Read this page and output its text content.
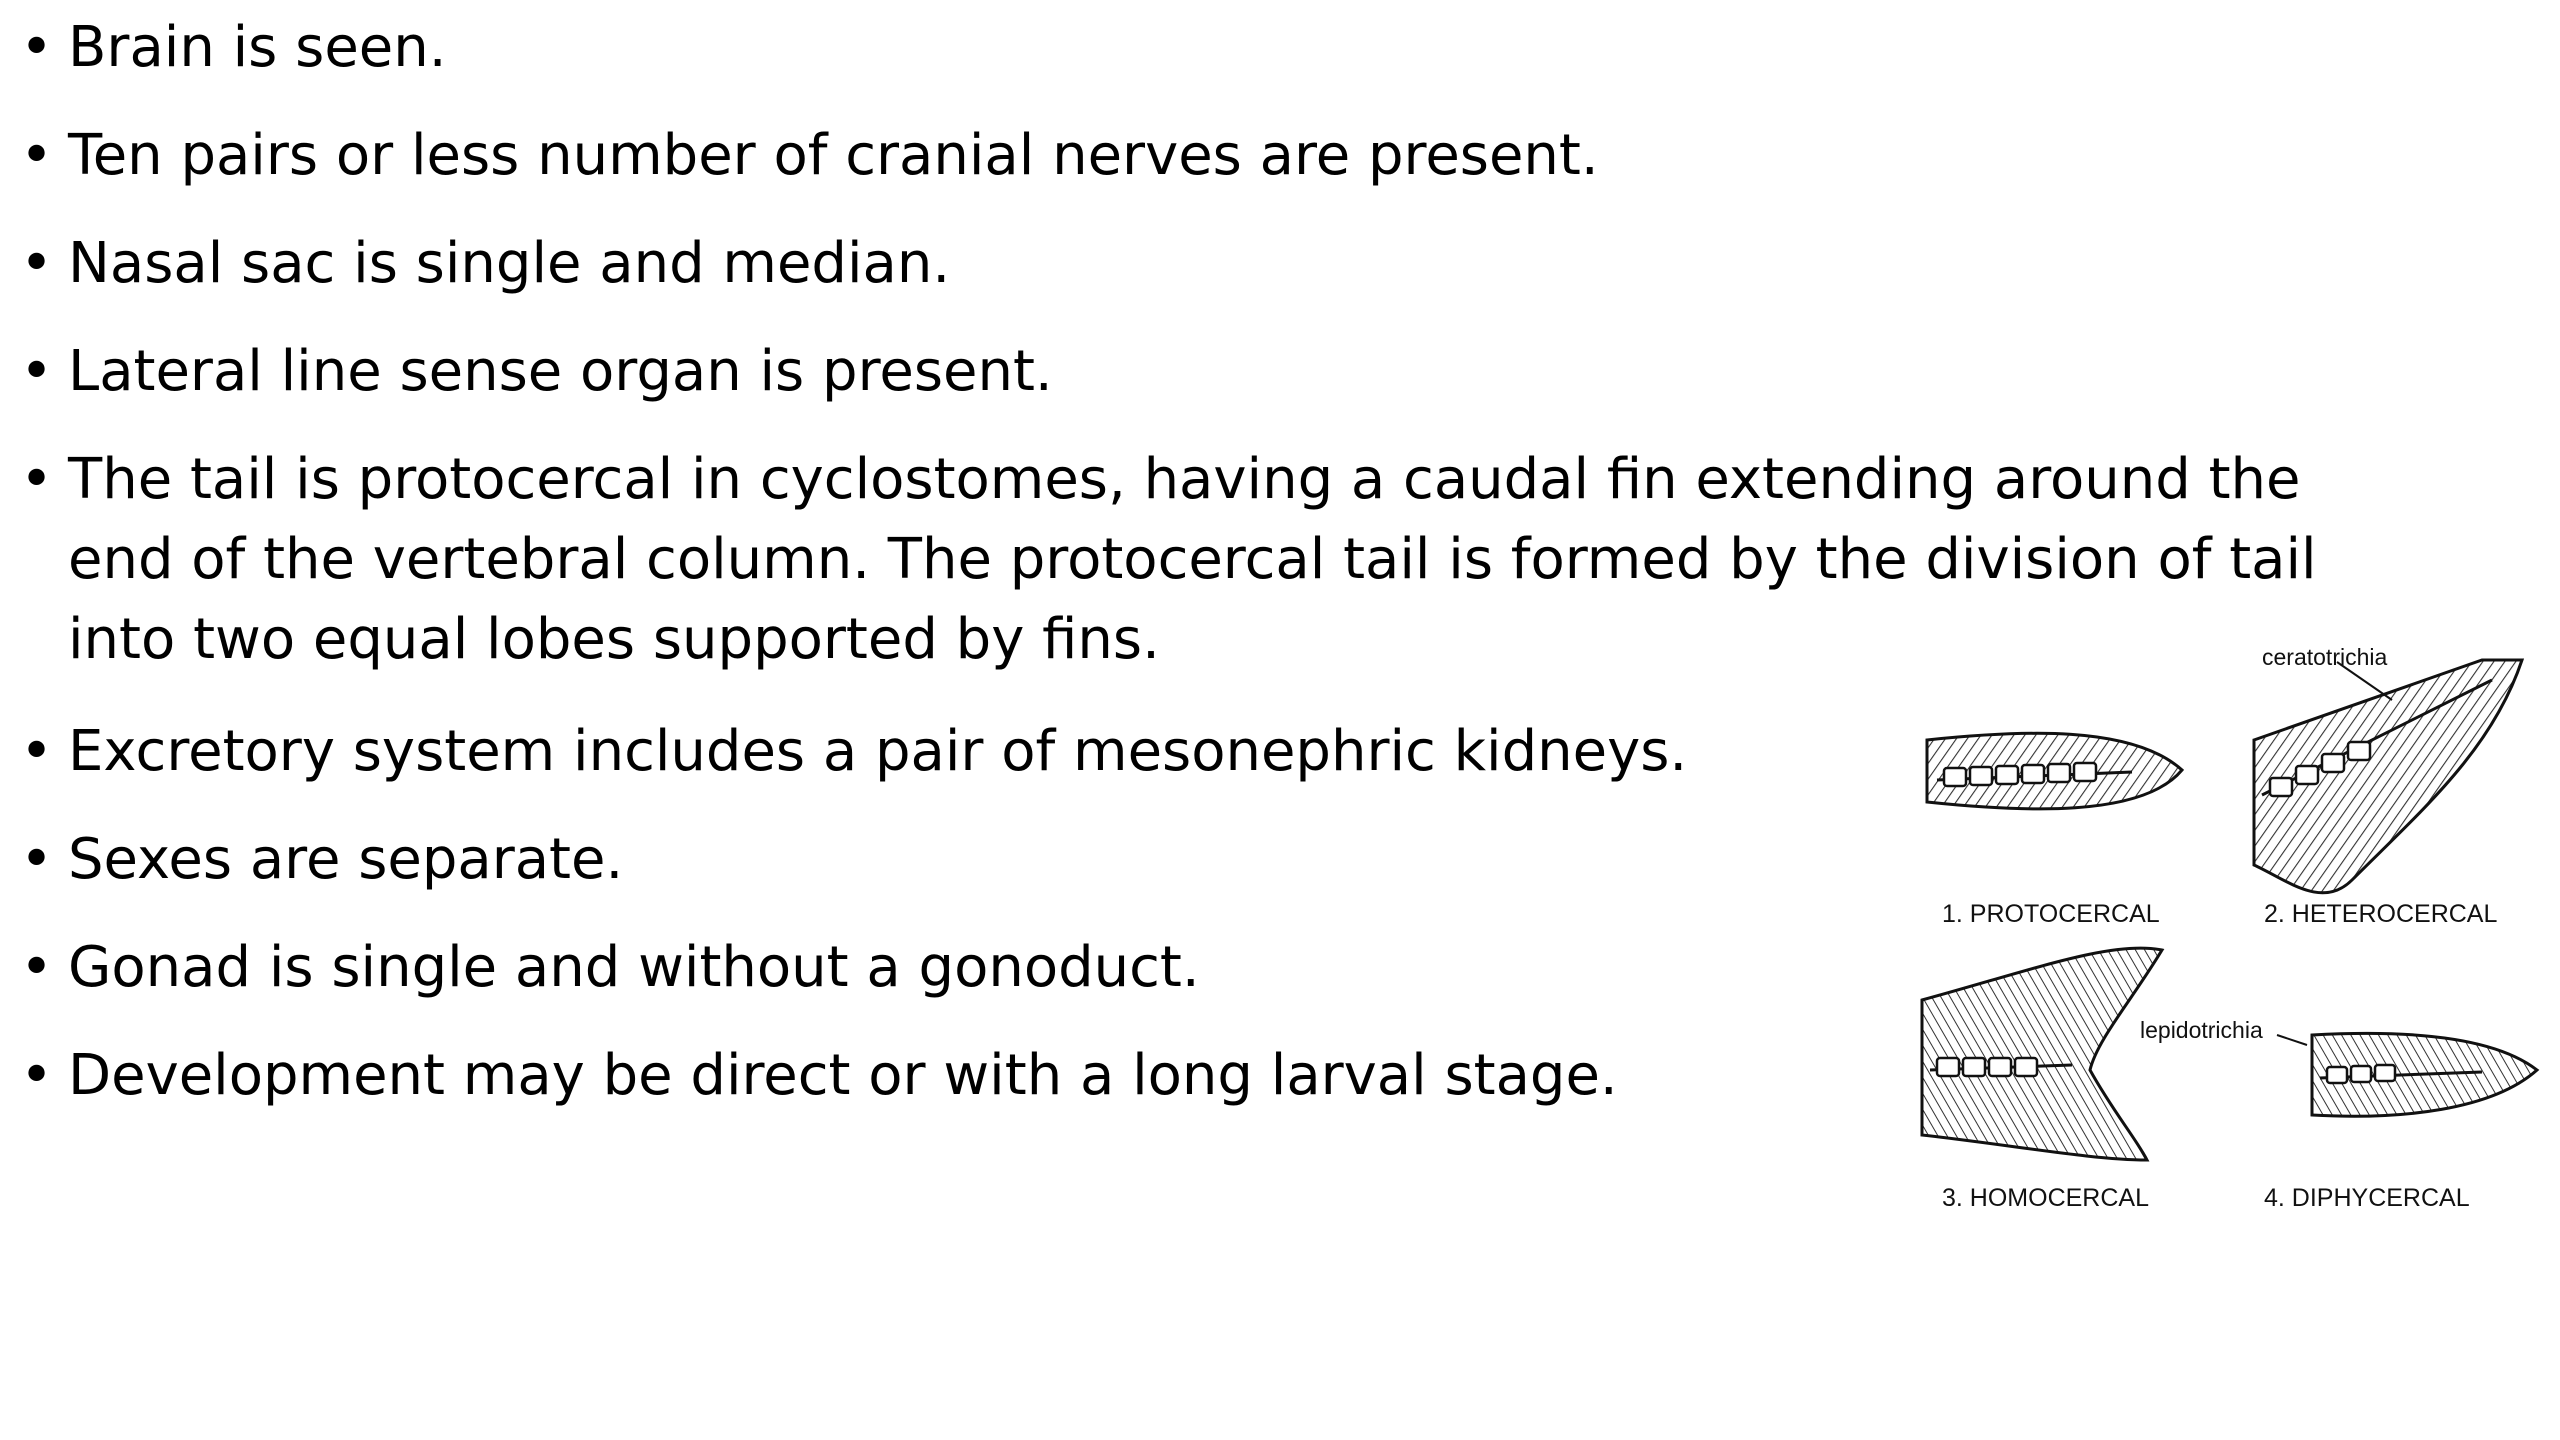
• Brain is seen.
• Ten pairs or less number of cranial nerves are present.
• Nasal sac is single and median.
• Lateral line sense organ is present.
• The tail is protocercal in cyclostomes, having a caudal fin extending around the
end of the vertebral column. The protocercal tail is formed by the division of tail
into two equal lobes supported by fins.
• Excretory system includes a pair of mesonephric kidneys.
• Sexes are separate.
• Gonad is single and without a gonoduct.
• Development may be direct or with a long larval stage.
ceratotrichia
1. PROTOCERCAL	2. HETEROCERCAL
lepidotrichia
3. HOMOCERCAL	4. DIPHYCERCAL
